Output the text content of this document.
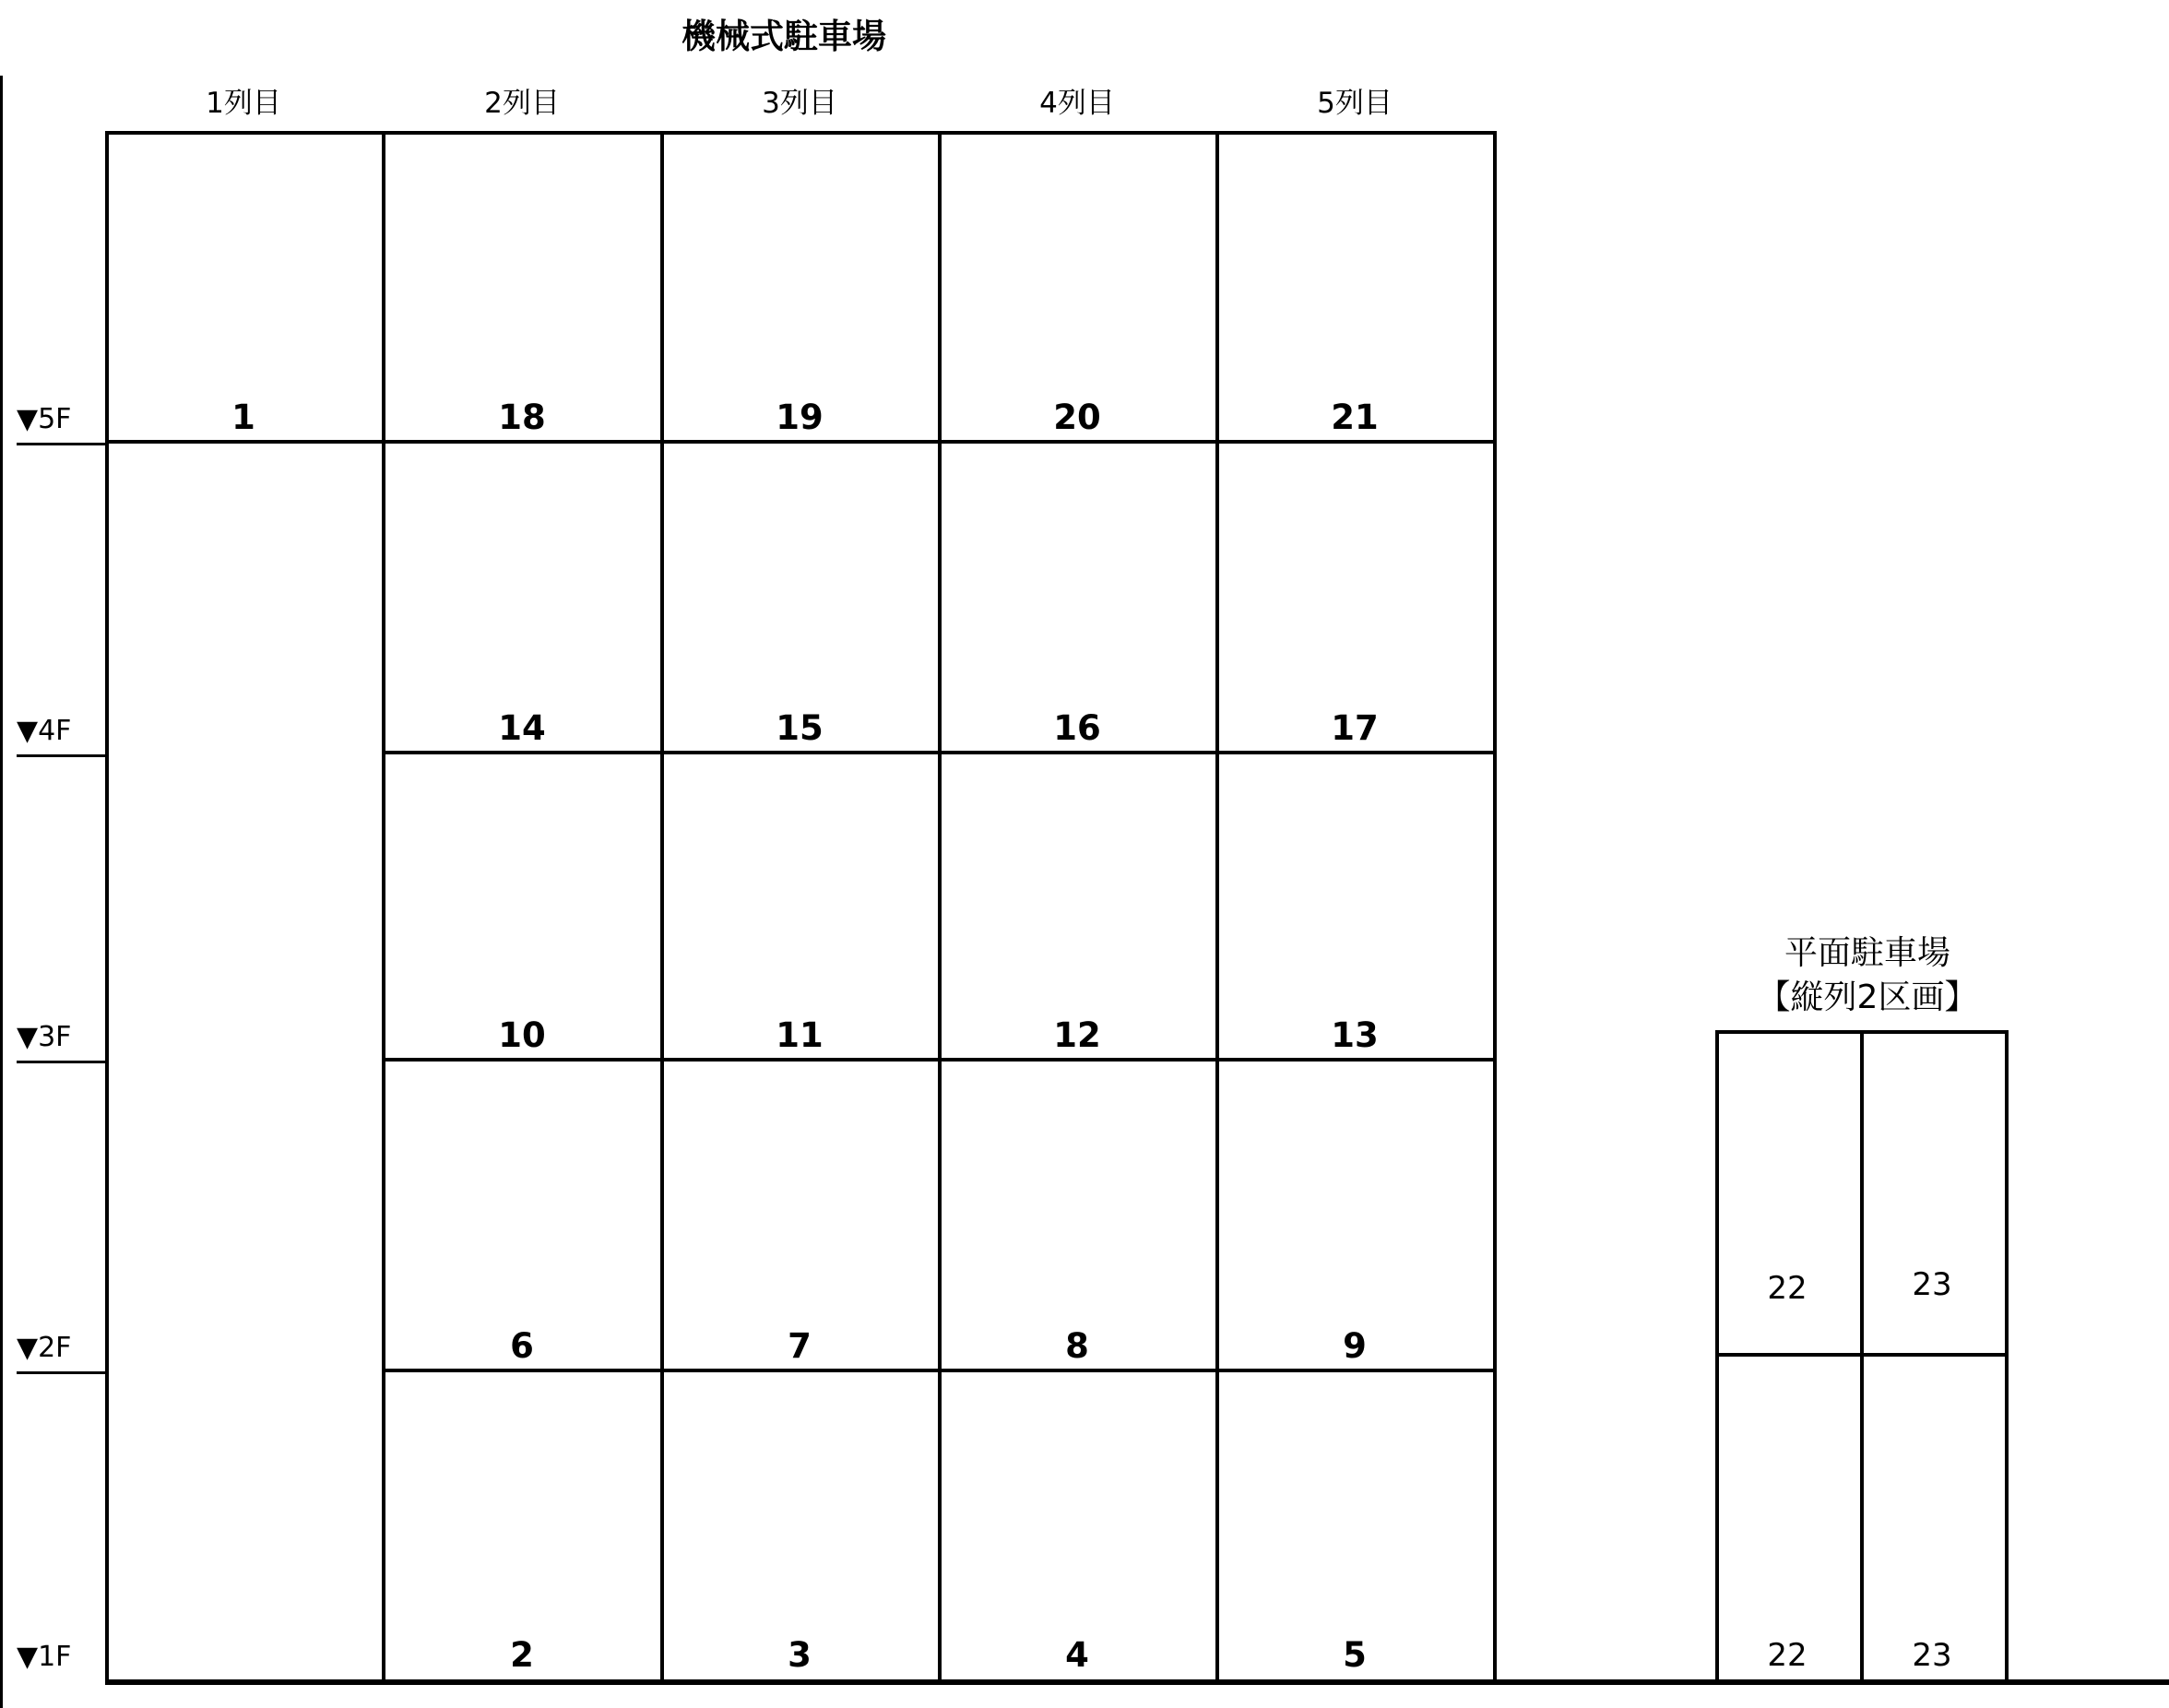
機械式駐車場
1列目	2列目	3列目	4列目	5列目
▼5F
▼4F
▼3F
▼2F
▼1F
1	18	19	20	21
14	15	16	17
10	11	12	13
6	7	8	9
2	3	4	5
平面駐車場
【縦列2区画】
22	23
22	23
